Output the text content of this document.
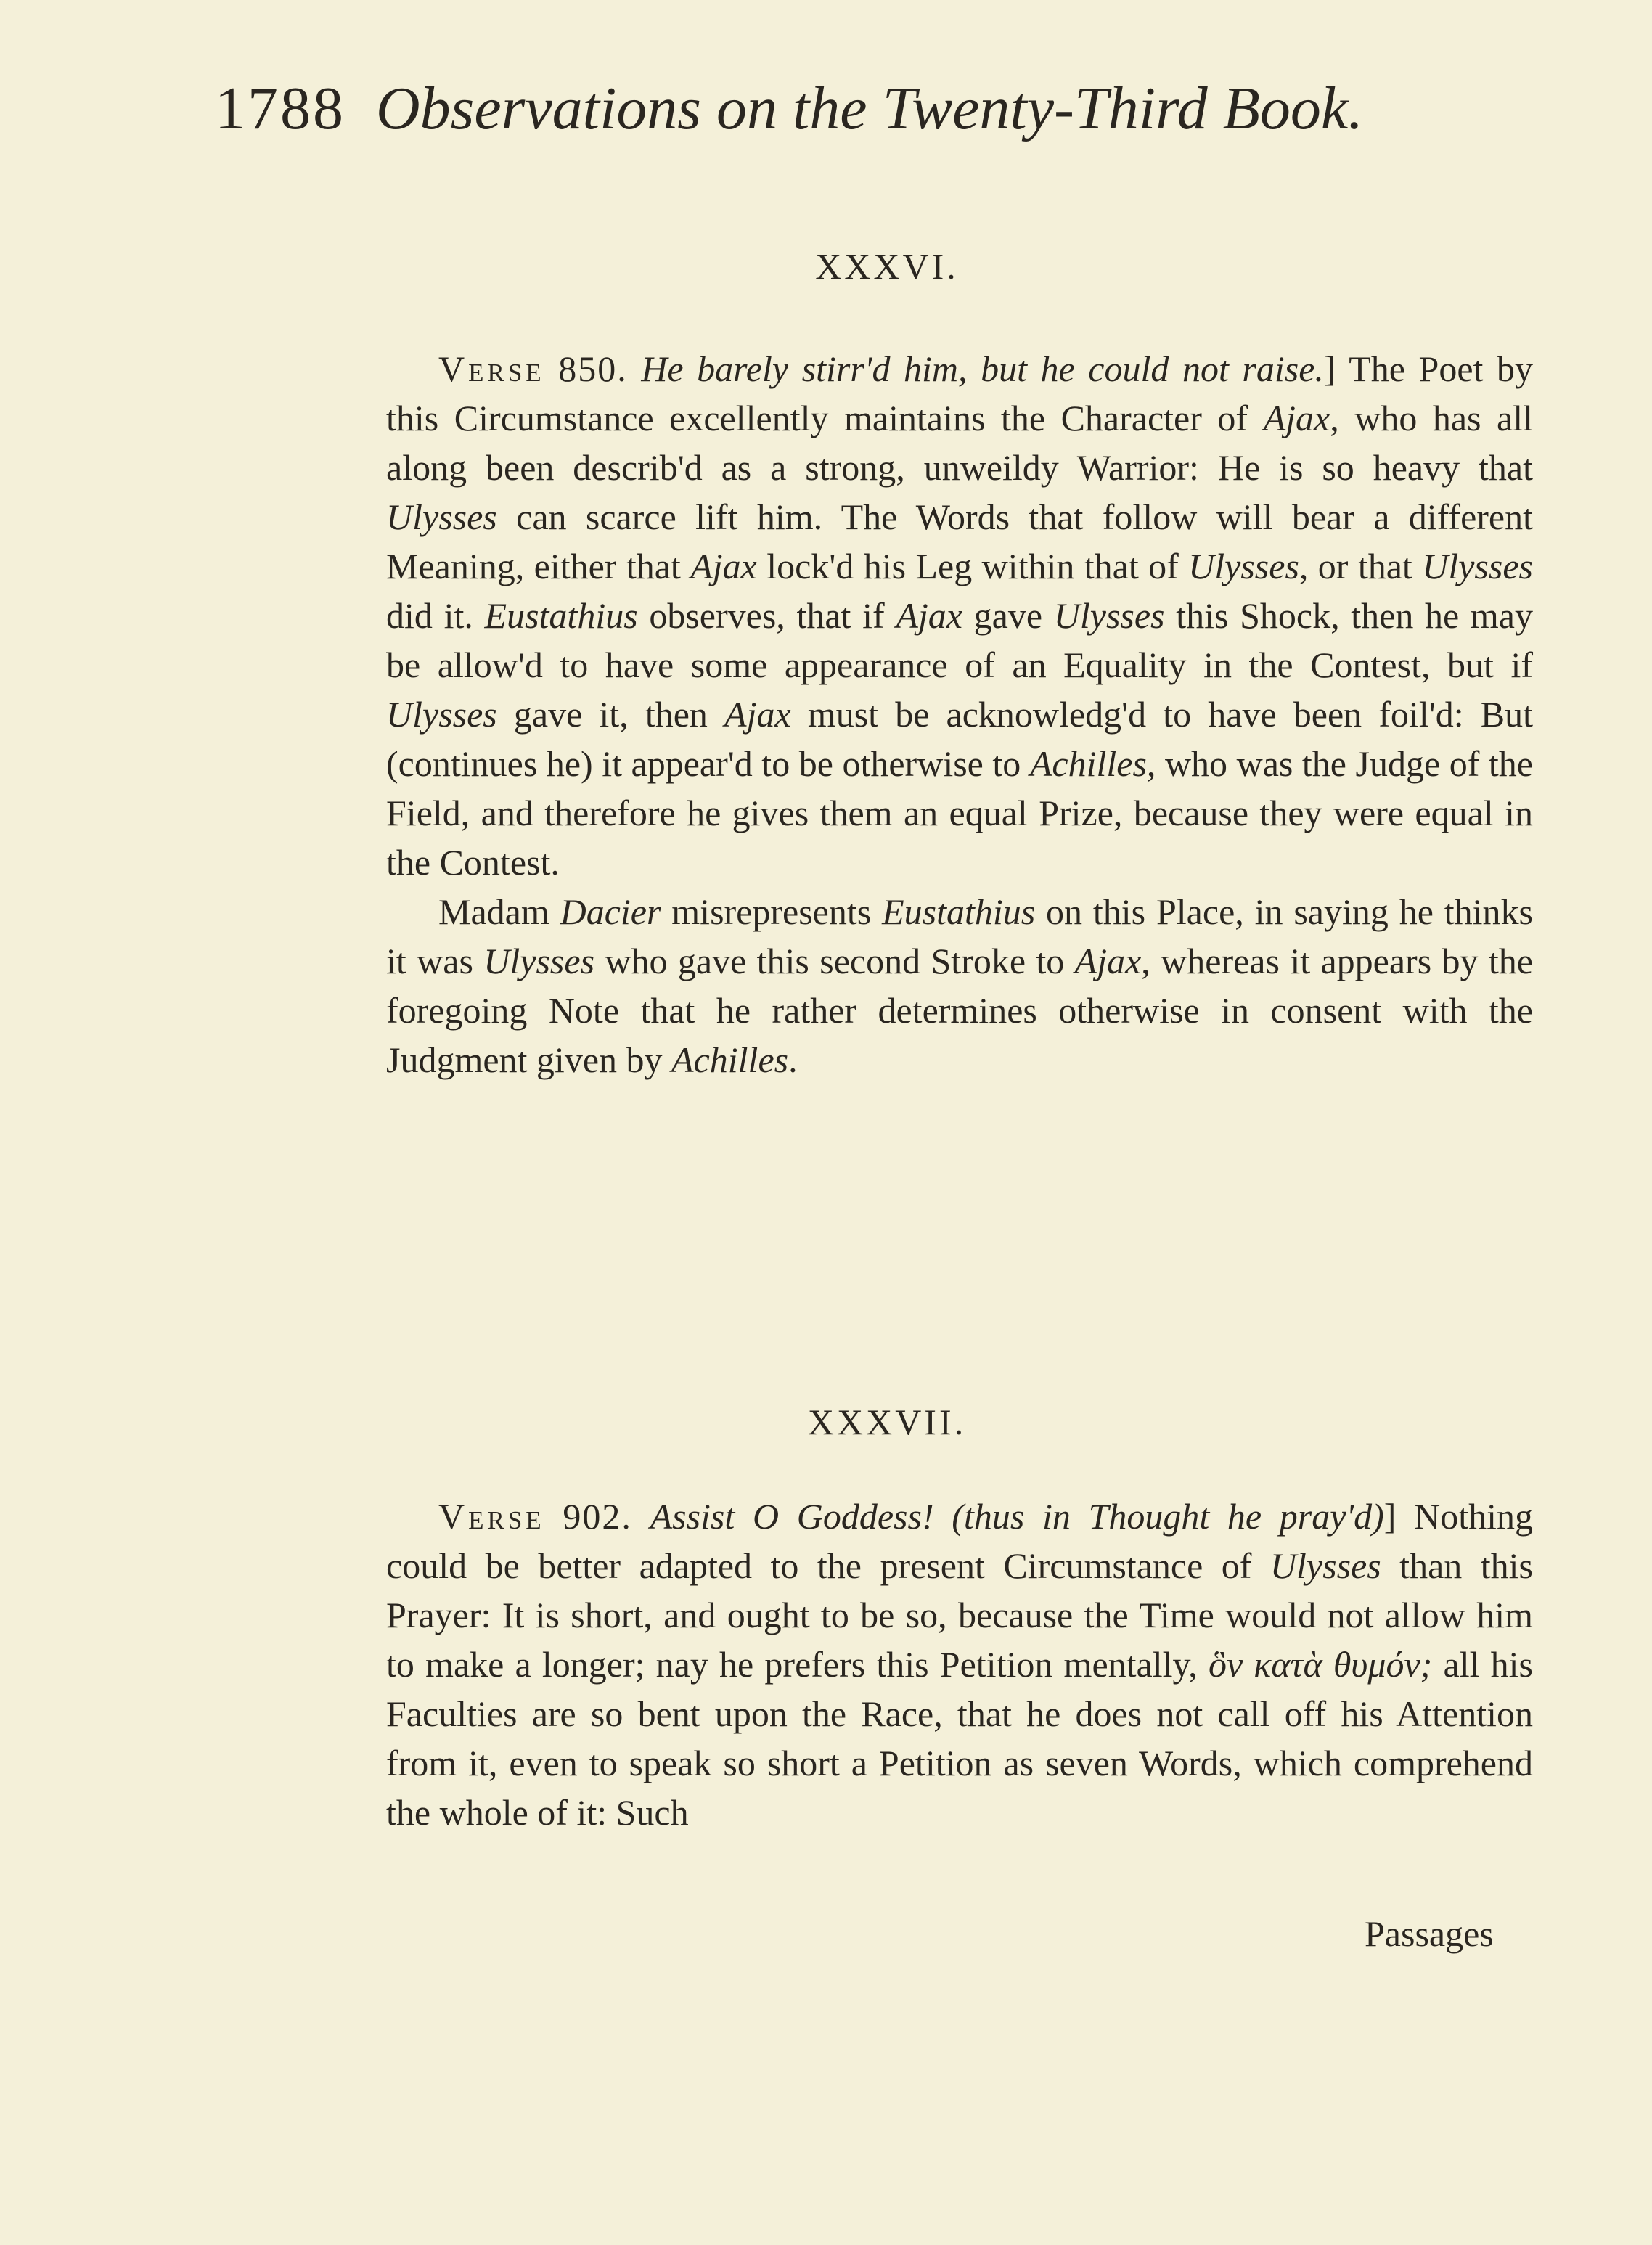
1788 Observations on the Twenty-Third Book.
XXXVI.

Verse 850. He barely stirr'd him, but he could not raise.] The Poet by this Circumstance excellently maintains the Character of Ajax, who has all along been describ'd as a strong, unweildy Warrior: He is so heavy that Ulysses can scarce lift him. The Words that follow will bear a different Meaning, either that Ajax lock'd his Leg within that of Ulysses, or that Ulysses did it. Eustathius observes, that if Ajax gave Ulysses this Shock, then he may be allow'd to have some appearance of an Equality in the Contest, but if Ulysses gave it, then Ajax must be acknowledg'd to have been foil'd: But (continues he) it appear'd to be otherwise to Achilles, who was the Judge of the Field, and therefore he gives them an equal Prize, because they were equal in the Contest.

Madam Dacier misrepresents Eustathius on this Place, in saying he thinks it was Ulysses who gave this second Stroke to Ajax, whereas it appears by the foregoing Note that he rather determines otherwise in consent with the Judgment given by Achilles.

XXXVII.

Verse 902. Assist O Goddess! (thus in Thought he pray'd)] Nothing could be better adapted to the present Circumstance of Ulysses than this Prayer: It is short, and ought to be so, because the Time would not allow him to make a longer; nay he prefers this Petition mentally, ὃν κατὰ θυμόν; all his Faculties are so bent upon the Race, that he does not call off his Attention from it, even to speak so short a Petition as seven Words, which comprehend the whole of it: Such

Passages
